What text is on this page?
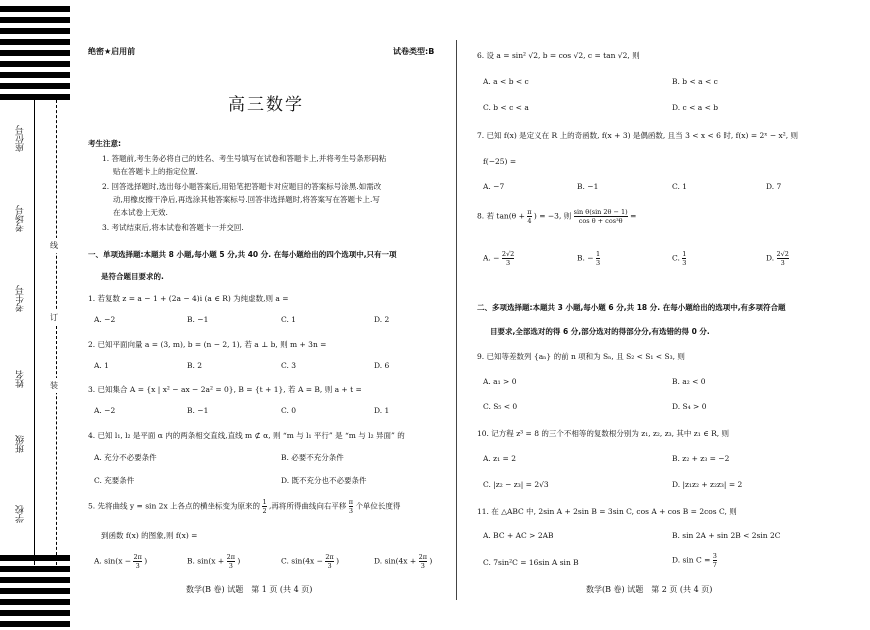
座位号
考场号
考生号
姓名
班级
学校
线
订
装
绝密★启用前	试卷类型:B
高三数学
考生注意:
1. 答题前,考生务必将自己的姓名、考生号填写在试卷和答题卡上,并将考生号条形码粘
贴在答题卡上的指定位置.
2. 回答选择题时,选出每小题答案后,用铅笔把答题卡对应题目的答案标号涂黑.如需改
动,用橡皮擦干净后,再选涂其他答案标号.回答非选择题时,将答案写在答题卡上.写
在本试卷上无效.
3. 考试结束后,将本试卷和答题卡一并交回.
一、单项选择题:本题共 8 小题,每小题 5 分,共 40 分. 在每小题给出的四个选项中,只有一项
是符合题目要求的.
1. 若复数 z = a − 1 + (2a − 4)i (a ∈ R) 为纯虚数,则 a =
A. −2	B. −1	C. 1	D. 2
2. 已知平面向量 a = (3, m), b = (n − 2, 1), 若 a ⊥ b, 则 m + 3n =
A. 1	B. 2	C. 3	D. 6
3. 已知集合 A = {x | x² − ax − 2a² = 0}, B = {t + 1}, 若 A = B, 则 a + t =
A. −2	B. −1	C. 0	D. 1
4. 已知 l₁, l₂ 是平面 α 内的两条相交直线,直线 m ⊄ α, 则 “m 与 l₁ 平行” 是 “m 与 l₂ 异面” 的
A. 充分不必要条件	B. 必要不充分条件
C. 充要条件	D. 既不充分也不必要条件
5. 先将曲线 y = sin 2x 上各点的横坐标变为原来的 $\frac{1}{2}$ ,再将所得曲线向右平移 $\frac{\pi}{3}$ 个单位长度得
到函数 f(x) 的图象,则 f(x) =
A. $\sin(x - \frac{2\pi}{3}$ )	B. $\sin(x + \frac{2\pi}{3}$ )	C. $\sin(4x - \frac{2\pi}{3}$ )	D. $\sin(4x + \frac{2\pi}{3}$ )
数学(B 卷) 试题　第 1 页 (共 4 页)
6. 设 a = sin² √2, b = cos √2, c = tan √2, 则
A. a < b < c	B. b < a < c
C. b < c < a	D. c < a < b
7. 已知 f(x) 是定义在 R 上的奇函数, f(x + 3) 是偶函数, 且当 3 < x < 6 时, f(x) = 2ˣ − x², 则
f(−25) =
A. −7	B. −1	C. 1	D. 7
8. 若 $\tan(\theta + \frac{\pi}{4}$ ) = −3, 则 $\frac{\text{sin θ(sin 2θ − 1)}}{\text{cos θ + cos³θ}}$ =
A. − $\frac{2√2}{3}$	B. − $\frac{1}{3}$	C. $\frac{1}{3}$	D. $\frac{2√2}{3}$
二、多项选择题:本题共 3 小题,每小题 6 分,共 18 分. 在每小题给出的选项中,有多项符合题
目要求,全部选对的得 6 分,部分选对的得部分分,有选错的得 0 分.
9. 已知等差数列 {aₙ} 的前 n 项和为 Sₙ, 且 S₂ < S₁ < S₃, 则
A. a₁ > 0	B. a₂ < 0
C. S₅ < 0	D. S₄ > 0
10. 记方程 z³ = 8 的三个不相等的复数根分别为 z₁, z₂, z₃, 其中 z₁ ∈ R, 则
A. z₁ = 2	B. z₂ + z₃ = −2
C. |z₂ − z₃| = 2√3	D. |z₁z₂ + z₂z₃| = 2
11. 在 △ABC 中, 2sin A + 2sin B = 3sin C, cos A + cos B = 2cos C, 则
A. BC + AC > 2AB	B. sin 2A + sin 2B < 2sin 2C
C. 7sin²C = 16sin A sin B	D. $\sin C = \frac{3}{7}$
数学(B 卷) 试题　第 2 页 (共 4 页)
